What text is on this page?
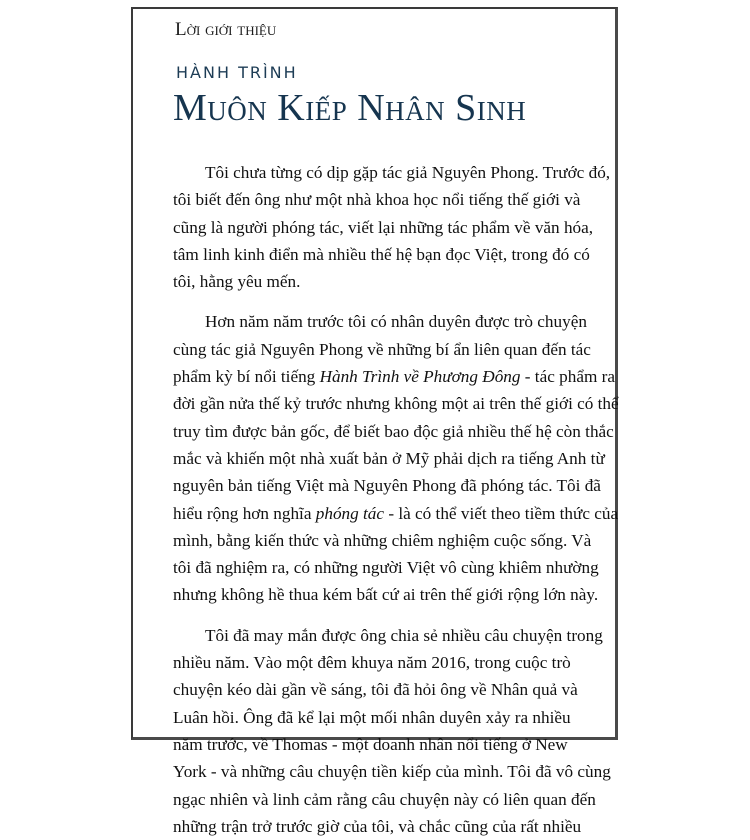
Lời giới thiệu
HÀNH TRÌNH
Muôn Kiếp Nhân Sinh
Tôi chưa từng có dịp gặp tác giả Nguyên Phong. Trước đó,
tôi biết đến ông như một nhà khoa học nổi tiếng thế giới và
cũng là người phóng tác, viết lại những tác phẩm về văn hóa,
tâm linh kinh điển mà nhiều thế hệ bạn đọc Việt, trong đó có
tôi, hằng yêu mến.
Hơn năm năm trước tôi có nhân duyên được trò chuyện
cùng tác giả Nguyên Phong về những bí ẩn liên quan đến tác
phẩm kỳ bí nổi tiếng Hành Trình về Phương Đông - tác phẩm ra
đời gần nửa thế kỷ trước nhưng không một ai trên thế giới có thể
truy tìm được bản gốc, để biết bao độc giả nhiều thế hệ còn thắc
mắc và khiến một nhà xuất bản ở Mỹ phải dịch ra tiếng Anh từ
nguyên bản tiếng Việt mà Nguyên Phong đã phóng tác. Tôi đã
hiểu rộng hơn nghĩa phóng tác - là có thể viết theo tiềm thức của
mình, bằng kiến thức và những chiêm nghiệm cuộc sống. Và
tôi đã nghiệm ra, có những người Việt vô cùng khiêm nhường
nhưng không hề thua kém bất cứ ai trên thế giới rộng lớn này.
Tôi đã may mắn được ông chia sẻ nhiều câu chuyện trong
nhiều năm. Vào một đêm khuya năm 2016, trong cuộc trò
chuyện kéo dài gần về sáng, tôi đã hỏi ông về Nhân quả và
Luân hồi. Ông đã kể lại một mối nhân duyên xảy ra nhiều
năm trước, về Thomas - một doanh nhân nổi tiếng ở New
York - và những câu chuyện tiền kiếp của mình. Tôi đã vô cùng
ngạc nhiên và linh cảm rằng câu chuyện này có liên quan đến
những trận trở trước giờ của tôi, và chắc cũng của rất nhiều
